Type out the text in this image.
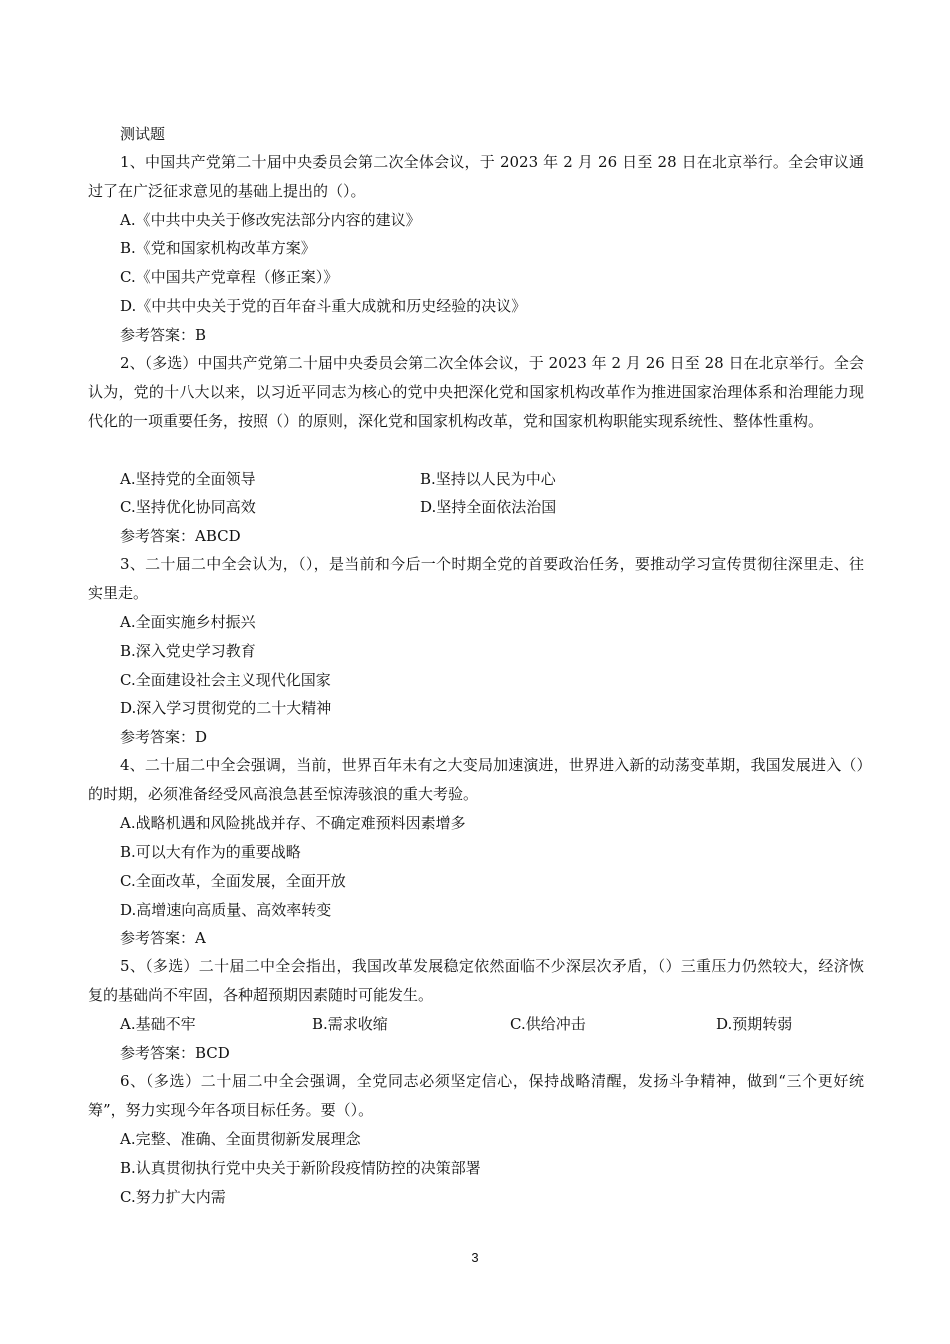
测试题
1、中国共产党第二十届中央委员会第二次全体会议，于 2023 年 2 月 26 日至 28 日在北京举行。全会审议通过了在广泛征求意见的基础上提出的（）。
A.《中共中央关于修改宪法部分内容的建议》
B.《党和国家机构改革方案》
C.《中国共产党章程（修正案）》
D.《中共中央关于党的百年奋斗重大成就和历史经验的决议》
参考答案：B
2、（多选）中国共产党第二十届中央委员会第二次全体会议，于 2023 年 2 月 26 日至 28 日在北京举行。全会认为，党的十八大以来，以习近平同志为核心的党中央把深化党和国家机构改革作为推进国家治理体系和治理能力现代化的一项重要任务，按照（）的原则，深化党和国家机构改革，党和国家机构职能实现系统性、整体性重构。
A.坚持党的全面领导	B.坚持以人民为中心
C.坚持优化协同高效	D.坚持全面依法治国
参考答案：ABCD
3、二十届二中全会认为，（），是当前和今后一个时期全党的首要政治任务，要推动学习宣传贯彻往深里走、往实里走。
A.全面实施乡村振兴
B.深入党史学习教育
C.全面建设社会主义现代化国家
D.深入学习贯彻党的二十大精神
参考答案：D
4、二十届二中全会强调，当前，世界百年未有之大变局加速演进，世界进入新的动荡变革期，我国发展进入（）的时期，必须准备经受风高浪急甚至惊涛骇浪的重大考验。
A.战略机遇和风险挑战并存、不确定难预料因素增多
B.可以大有作为的重要战略
C.全面改革，全面发展，全面开放
D.高增速向高质量、高效率转变
参考答案：A
5、（多选）二十届二中全会指出，我国改革发展稳定依然面临不少深层次矛盾，（）三重压力仍然较大，经济恢复的基础尚不牢固，各种超预期因素随时可能发生。
A.基础不牢	B.需求收缩	C.供给冲击	D.预期转弱
参考答案：BCD
6、（多选）二十届二中全会强调，全党同志必须坚定信心，保持战略清醒，发扬斗争精神，做到“三个更好统筹”，努力实现今年各项目标任务。要（）。
A.完整、准确、全面贯彻新发展理念
B.认真贯彻执行党中央关于新阶段疫情防控的决策部署
C.努力扩大内需
3
